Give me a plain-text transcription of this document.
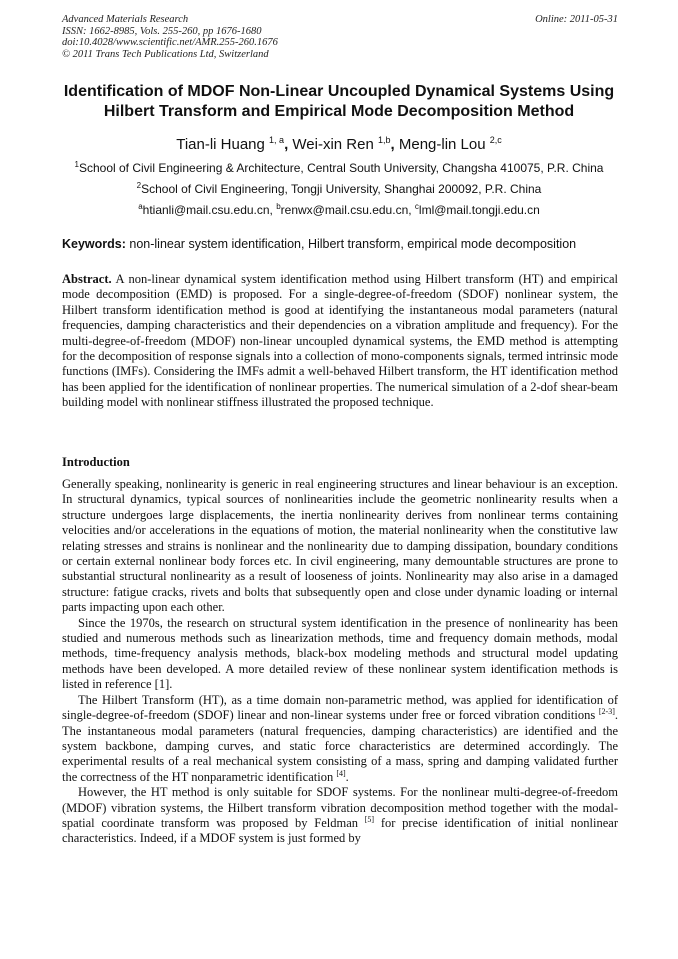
Advanced Materials Research
ISSN: 1662-8985, Vols. 255-260, pp 1676-1680
doi:10.4028/www.scientific.net/AMR.255-260.1676
© 2011 Trans Tech Publications Ltd, Switzerland
Online: 2011-05-31
Identification of MDOF Non-Linear Uncoupled Dynamical Systems Using Hilbert Transform and Empirical Mode Decomposition Method
Tian-li Huang $^{1, a}$, Wei-xin Ren $^{1,b}$, Meng-lin Lou $^{2,c}$
$^1$School of Civil Engineering & Architecture, Central South University, Changsha 410075, P.R. China
$^2$School of Civil Engineering, Tongji University, Shanghai 200092, P.R. China
$^a$htianli@mail.csu.edu.cn, $^b$renwx@mail.csu.edu.cn, $^c$lml@mail.tongji.edu.cn
Keywords: non-linear system identification, Hilbert transform, empirical mode decomposition

Abstract. A non-linear dynamical system identification method using Hilbert transform (HT) and empirical mode decomposition (EMD) is proposed. For a single-degree-of-freedom (SDOF) nonlinear system, the Hilbert transform identification method is good at identifying the instantaneous modal parameters (natural frequencies, damping characteristics and their dependencies on a vibration amplitude and frequency). For the multi-degree-of-freedom (MDOF) non-linear uncoupled dynamical systems, the EMD method is attempting for the decomposition of response signals into a collection of mono-components signals, termed intrinsic mode functions (IMFs). Considering the IMFs admit a well-behaved Hilbert transform, the HT identification method has been applied for the identification of nonlinear properties. The numerical simulation of a 2-dof shear-beam building model with nonlinear stiffness illustrated the proposed technique.

Introduction

Generally speaking, nonlinearity is generic in real engineering structures and linear behaviour is an exception. In structural dynamics, typical sources of nonlinearities include the geometric nonlinearity results when a structure undergoes large displacements, the inertia nonlinearity derives from nonlinear terms containing velocities and/or accelerations in the equations of motion, the material nonlinearity when the constitutive law relating stresses and strains is nonlinear and the nonlinearity due to damping dissipation, boundary conditions or certain external nonlinear body forces etc. In civil engineering, many demountable structures are prone to substantial structural nonlinearity as a result of looseness of joints. Nonlinearity may also arise in a damaged structure: fatigue cracks, rivets and bolts that subsequently open and close under dynamic loading or internal parts impacting upon each other.

Since the 1970s, the research on structural system identification in the presence of nonlinearity has been studied and numerous methods such as linearization methods, time and frequency domain methods, modal methods, time-frequency analysis methods, black-box modeling methods and structural model updating methods have been developed. A more detailed review of these nonlinear system identification methods is listed in reference [1].

The Hilbert Transform (HT), as a time domain non-parametric method, was applied for identification of single-degree-of-freedom (SDOF) linear and non-linear systems under free or forced vibration conditions [2-3]. The instantaneous modal parameters (natural frequencies, damping characteristics) are identified and the system backbone, damping curves, and static force characteristics are determined accordingly. The experimental results of a real mechanical system consisting of a mass, spring and damping validated further the correctness of the HT nonparametric identification [4].

However, the HT method is only suitable for SDOF systems. For the nonlinear multi-degree-of-freedom (MDOF) vibration systems, the Hilbert transform vibration decomposition method together with the modal-spatial coordinate transform was proposed by Feldman [5] for precise identification of initial nonlinear characteristics. Indeed, if a MDOF system is just formed by
